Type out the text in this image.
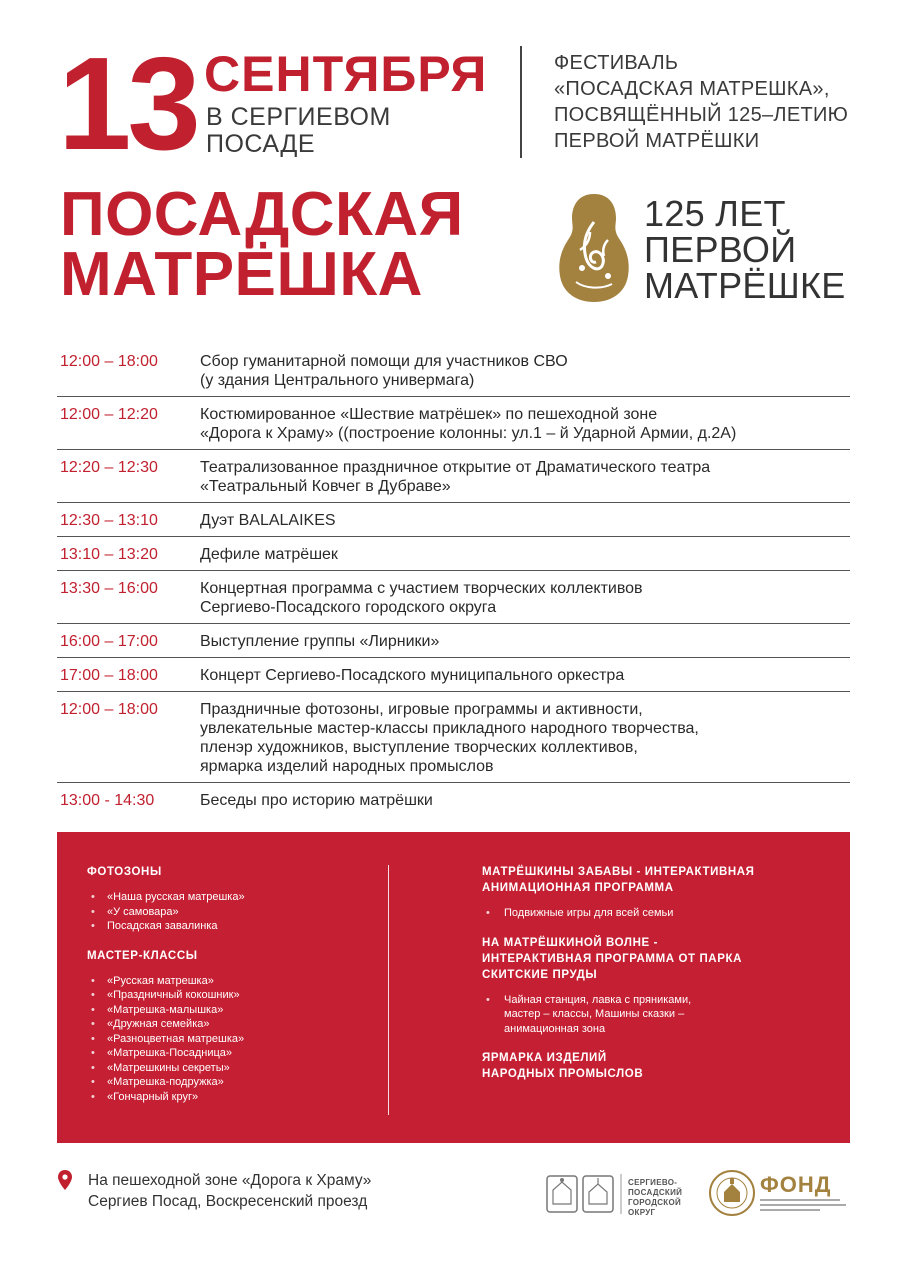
13 СЕНТЯБРЯ
В СЕРГИЕВОМ
ПОСАДЕ
ФЕСТИВАЛЬ
«ПОСАДСКАЯ МАТРЕШКА»,
ПОСВЯЩЁННЫЙ 125–ЛЕТИЮ
ПЕРВОЙ МАТРЁШКИ
ПОСАДСКАЯ
МАТРЁШКА
125 ЛЕТ
ПЕРВОЙ
МАТРЁШКЕ
12:00 – 18:00	Сбор гуманитарной помощи для участников СВО
(у здания Центрального универмага)
12:00 – 12:20	Костюмированное «Шествие матрёшек» по пешеходной зоне
«Дорога к Храму» ((построение колонны: ул.1 – й Ударной Армии, д.2А)
12:20 – 12:30	Театрализованное праздничное открытие от Драматического театра
«Театральный Ковчег в Дубраве»
12:30 – 13:10	Дуэт BALALAIKES
13:10 – 13:20	Дефиле матрёшек
13:30 – 16:00	Концертная программа с участием творческих коллективов
Сергиево-Посадского городского округа
16:00 – 17:00	Выступление группы «Лирники»
17:00 – 18:00	Концерт Сергиево-Посадского муниципального оркестра
12:00 – 18:00	Праздничные фотозоны, игровые программы и активности,
увлекательные мастер-классы прикладного народного творчества,
пленэр художников, выступление творческих коллективов,
ярмарка изделий народных промыслов
13:00 - 14:30	Беседы про историю матрёшки
ФОТОЗОНЫ
• «Наша русская матрешка»
• «У самовара»
• Посадская завалинка
МАСТЕР-КЛАССЫ
• «Русская матрешка»
• «Праздничный кокошник»
• «Матрешка-малышка»
• «Дружная семейка»
• «Разноцветная матрешка»
• «Матрешка-Посадница»
• «Матрешкины секреты»
• «Матрешка-подружка»
• «Гончарный круг»
МАТРЁШКИНЫ ЗАБАВЫ - ИНТЕРАКТИВНАЯ
АНИМАЦИОННАЯ ПРОГРАММА
• Подвижные игры для всей семьи
НА МАТРЁШКИНОЙ ВОЛНЕ -
ИНТЕРАКТИВНАЯ ПРОГРАММА ОТ ПАРКА
СКИТСКИЕ ПРУДЫ
• Чайная станция, лавка с пряниками,
мастер – классы, Машины сказки –
анимационная зона
ЯРМАРКА ИЗДЕЛИЙ
НАРОДНЫХ ПРОМЫСЛОВ
На пешеходной зоне «Дорога к Храму»
Сергиев Посад, Воскресенский проезд
СЕРГИЕВО-
ПОСАДСКИЙ
ГОРОДСКОЙ
ОКРУГ
ФОНД
